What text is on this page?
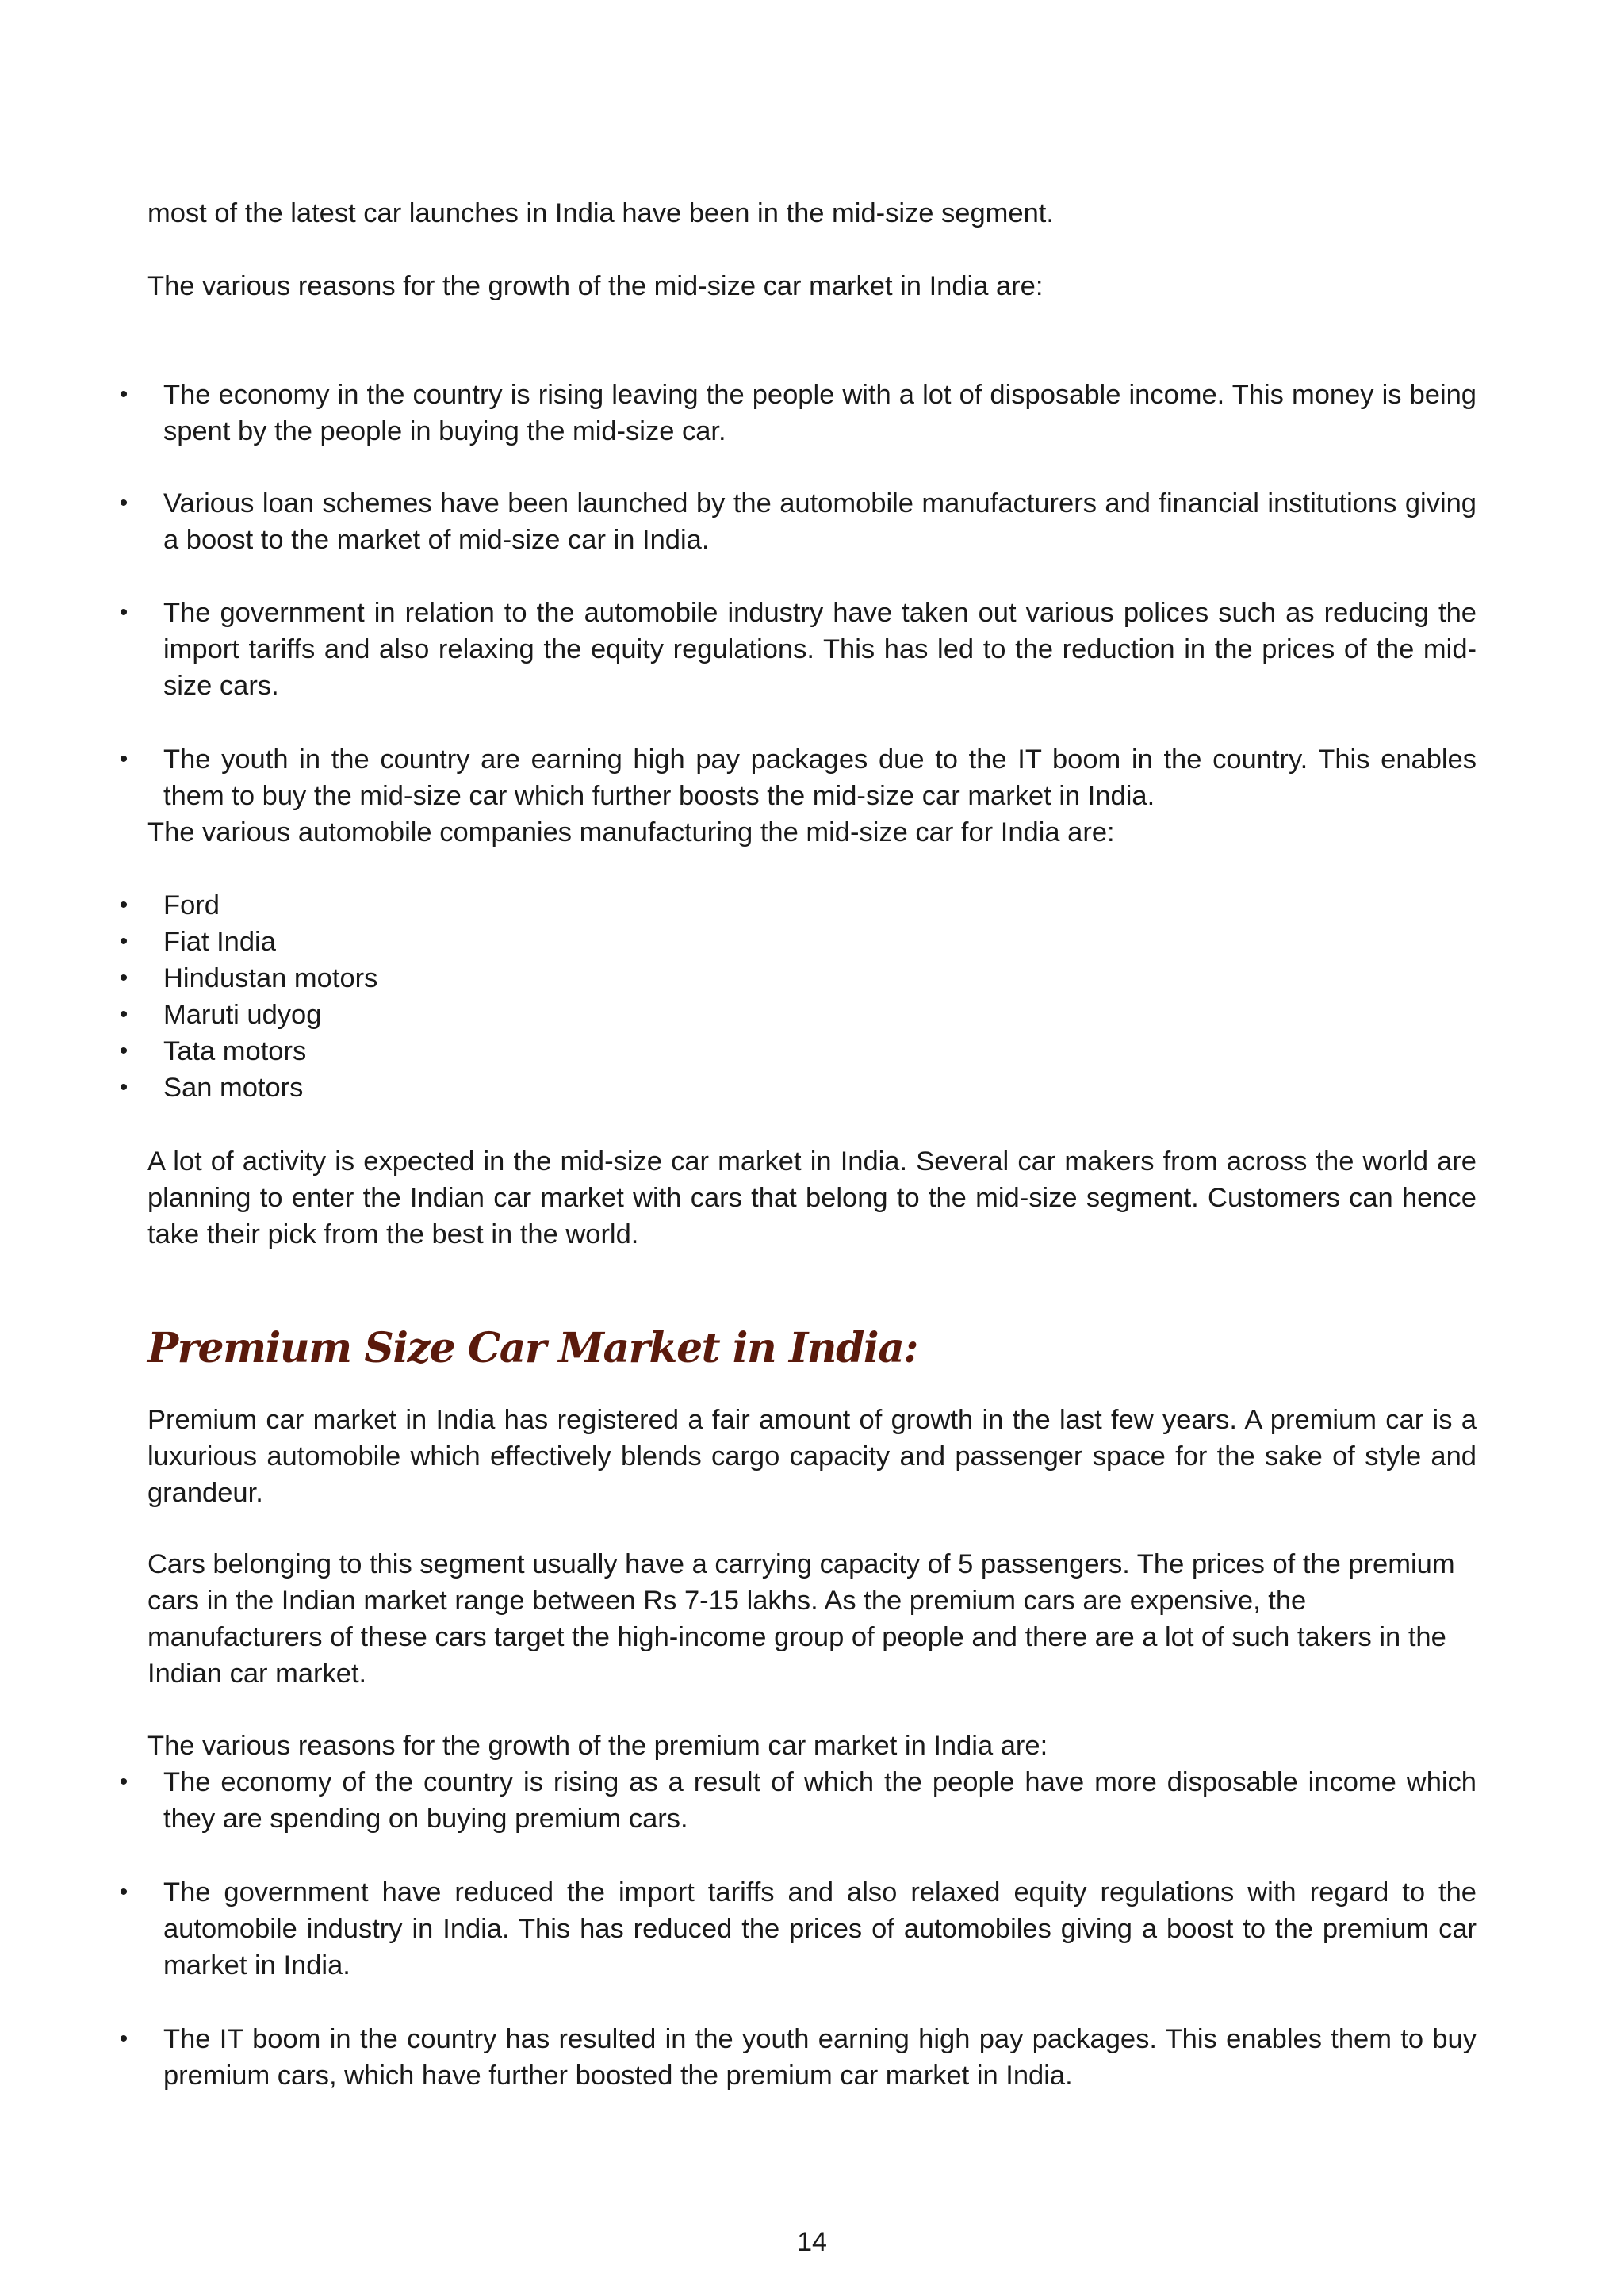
most of the latest car launches in India have been in the mid-size segment.

The various reasons for the growth of the mid-size car market in India are:

• The economy in the country is rising leaving the people with a lot of disposable income. This money is being spent by the people in buying the mid-size car.

• Various loan schemes have been launched by the automobile manufacturers and financial institutions giving a boost to the market of mid-size car in India.

• The government in relation to the automobile industry have taken out various polices such as reducing the import tariffs and also relaxing the equity regulations. This has led to the reduction in the prices of the mid-size cars.

• The youth in the country are earning high pay packages due to the IT boom in the country. This enables them to buy the mid-size car which further boosts the mid-size car market in India.

The various automobile companies manufacturing the mid-size car for India are:

• Ford

• Fiat India

• Hindustan motors

• Maruti udyog

• Tata motors

• San motors

A lot of activity is expected in the mid-size car market in India. Several car makers from across the world are planning to enter the Indian car market with cars that belong to the mid-size segment. Customers can hence take their pick from the best in the world.

Premium Size Car Market in India:

Premium car market in India has registered a fair amount of growth in the last few years. A premium car is a luxurious automobile which effectively blends cargo capacity and passenger space for the sake of style and grandeur.

Cars belonging to this segment usually have a carrying capacity of 5 passengers. The prices of the premium cars in the Indian market range between Rs 7-15 lakhs. As the premium cars are expensive, the manufacturers of these cars target the high-income group of people and there are a lot of such takers in the Indian car market.

The various reasons for the growth of the premium car market in India are:

• The economy of the country is rising as a result of which the people have more disposable income which they are spending on buying premium cars.

• The government have reduced the import tariffs and also relaxed equity regulations with regard to the automobile industry in India. This has reduced the prices of automobiles giving a boost to the premium car market in India.

• The IT boom in the country has resulted in the youth earning high pay packages. This enables them to buy premium cars, which have further boosted the premium car market in India.

14
